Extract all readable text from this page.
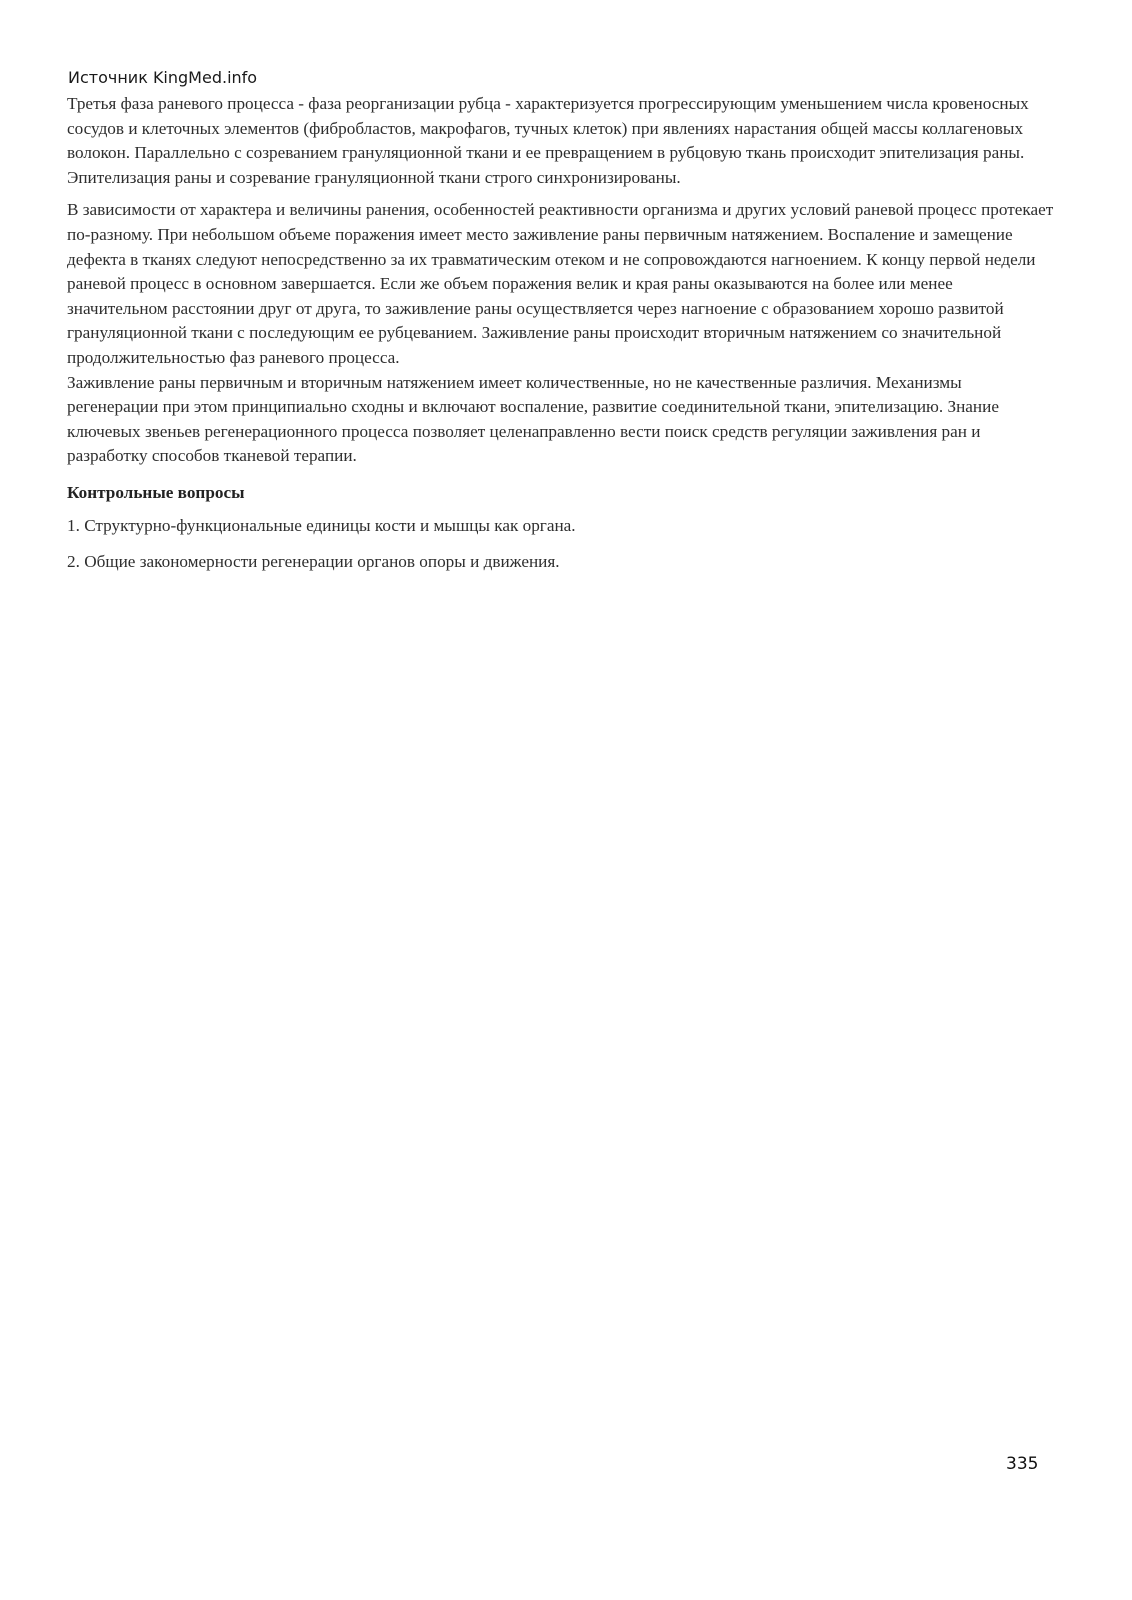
Источник KingMed.info

Третья фаза раневого процесса - фаза реорганизации рубца - характеризуется прогрессирующим уменьшением числа кровеносных сосудов и клеточных элементов (фибробластов, макрофагов, тучных клеток) при явлениях нарастания общей массы коллагеновых волокон. Параллельно с созреванием грануляционной ткани и ее превращением в рубцовую ткань происходит эпителизация раны. Эпителизация раны и созревание грануляционной ткани строго синхронизированы.

В зависимости от характера и величины ранения, особенностей реактивности организма и других условий раневой процесс протекает по-разному. При небольшом объеме поражения имеет место заживление раны первичным натяжением. Воспаление и замещение дефекта в тканях следуют непосредственно за их травматическим отеком и не сопровождаются нагноением. К концу первой недели раневой процесс в основном завершается. Если же объем поражения велик и края раны оказываются на более или менее значительном расстоянии друг от друга, то заживление раны осуществляется через нагноение с образованием хорошо развитой грануляционной ткани с последующим ее рубцеванием. Заживление раны происходит вторичным натяжением со значительной продолжительностью фаз раневого процесса.

Заживление раны первичным и вторичным натяжением имеет количественные, но не качественные различия. Механизмы регенерации при этом принципиально сходны и включают воспаление, развитие соединительной ткани, эпителизацию. Знание ключевых звеньев регенерационного процесса позволяет целенаправленно вести поиск средств регуляции заживления ран и разработку способов тканевой терапии.

Контрольные вопросы

1. Структурно-функциональные единицы кости и мышцы как органа.

2. Общие закономерности регенерации органов опоры и движения.

335
